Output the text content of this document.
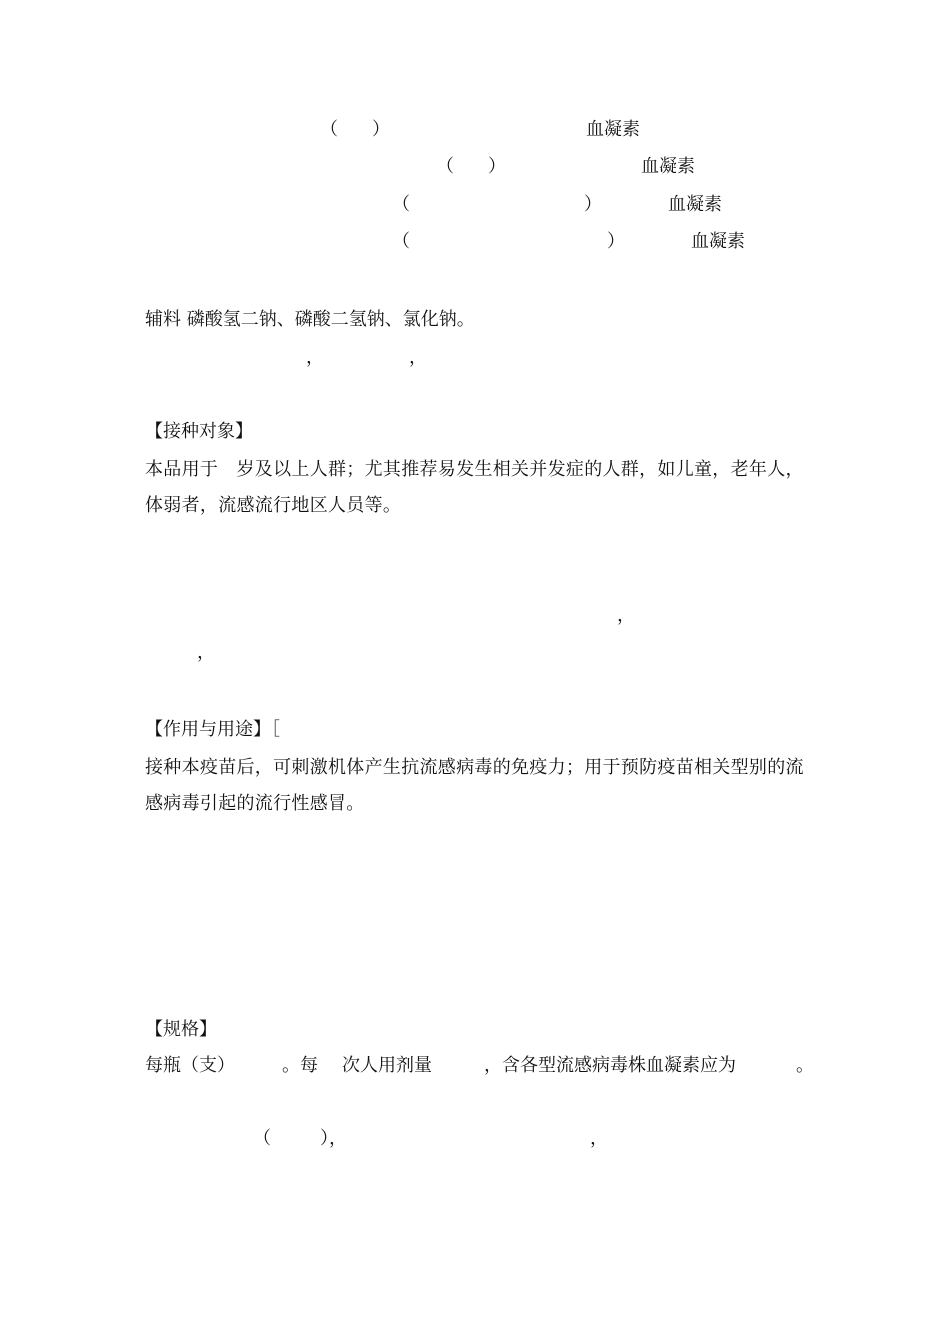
（ ）	血凝素
（ ）	血凝素
（	）	血凝素
（	）	血凝素
辅料 磷酸氢二钠、磷酸二氢钠、氯化钠。
，	，
【接种对象】
本品用于　岁及以上人群；尤其推荐易发生相关并发症的人群，如儿童，老年人，体弱者，流感流行地区人员等。
，
，
【作用与用途】［
接种本疫苗后，可刺激机体产生抗流感病毒的免疫力；用于预防疫苗相关型别的流感病毒引起的流行性感冒。
【规格】
每瓶（支）	。每 次人用剂量	，含各型流感病毒株血凝素应为	。
（	），	，
